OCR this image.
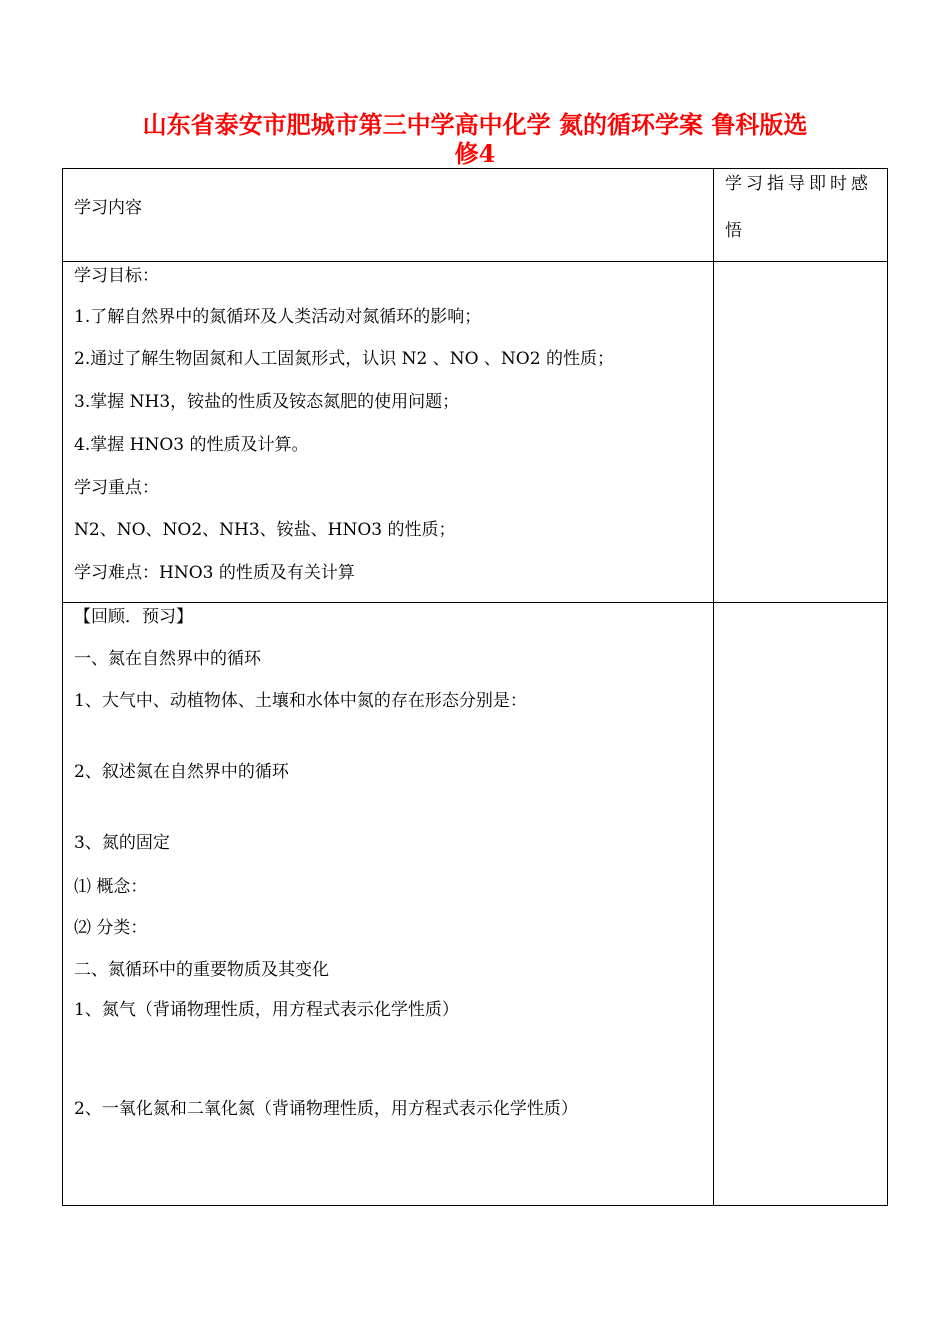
山东省泰安市肥城市第三中学高中化学 氮的循环学案 鲁科版选
修4
学习内容
学习指导即时感
悟
学习目标：
1.了解自然界中的氮循环及人类活动对氮循环的影响；
2.通过了解生物固氮和人工固氮形式，认识 N2 、NO 、NO2 的性质；
3.掌握 NH3，铵盐的性质及铵态氮肥的使用问题；
4.掌握 HNO3 的性质及计算。
学习重点：
N2、NO、NO2、NH3、铵盐、HNO3 的性质；
学习难点：HNO3 的性质及有关计算
【回顾．预习】
一、氮在自然界中的循环
1、大气中、动植物体、土壤和水体中氮的存在形态分别是：
2、叙述氮在自然界中的循环
3、氮的固定
⑴ 概念：
⑵ 分类：
二、氮循环中的重要物质及其变化
1、氮气（背诵物理性质，用方程式表示化学性质）
2、一氧化氮和二氧化氮（背诵物理性质，用方程式表示化学性质）
